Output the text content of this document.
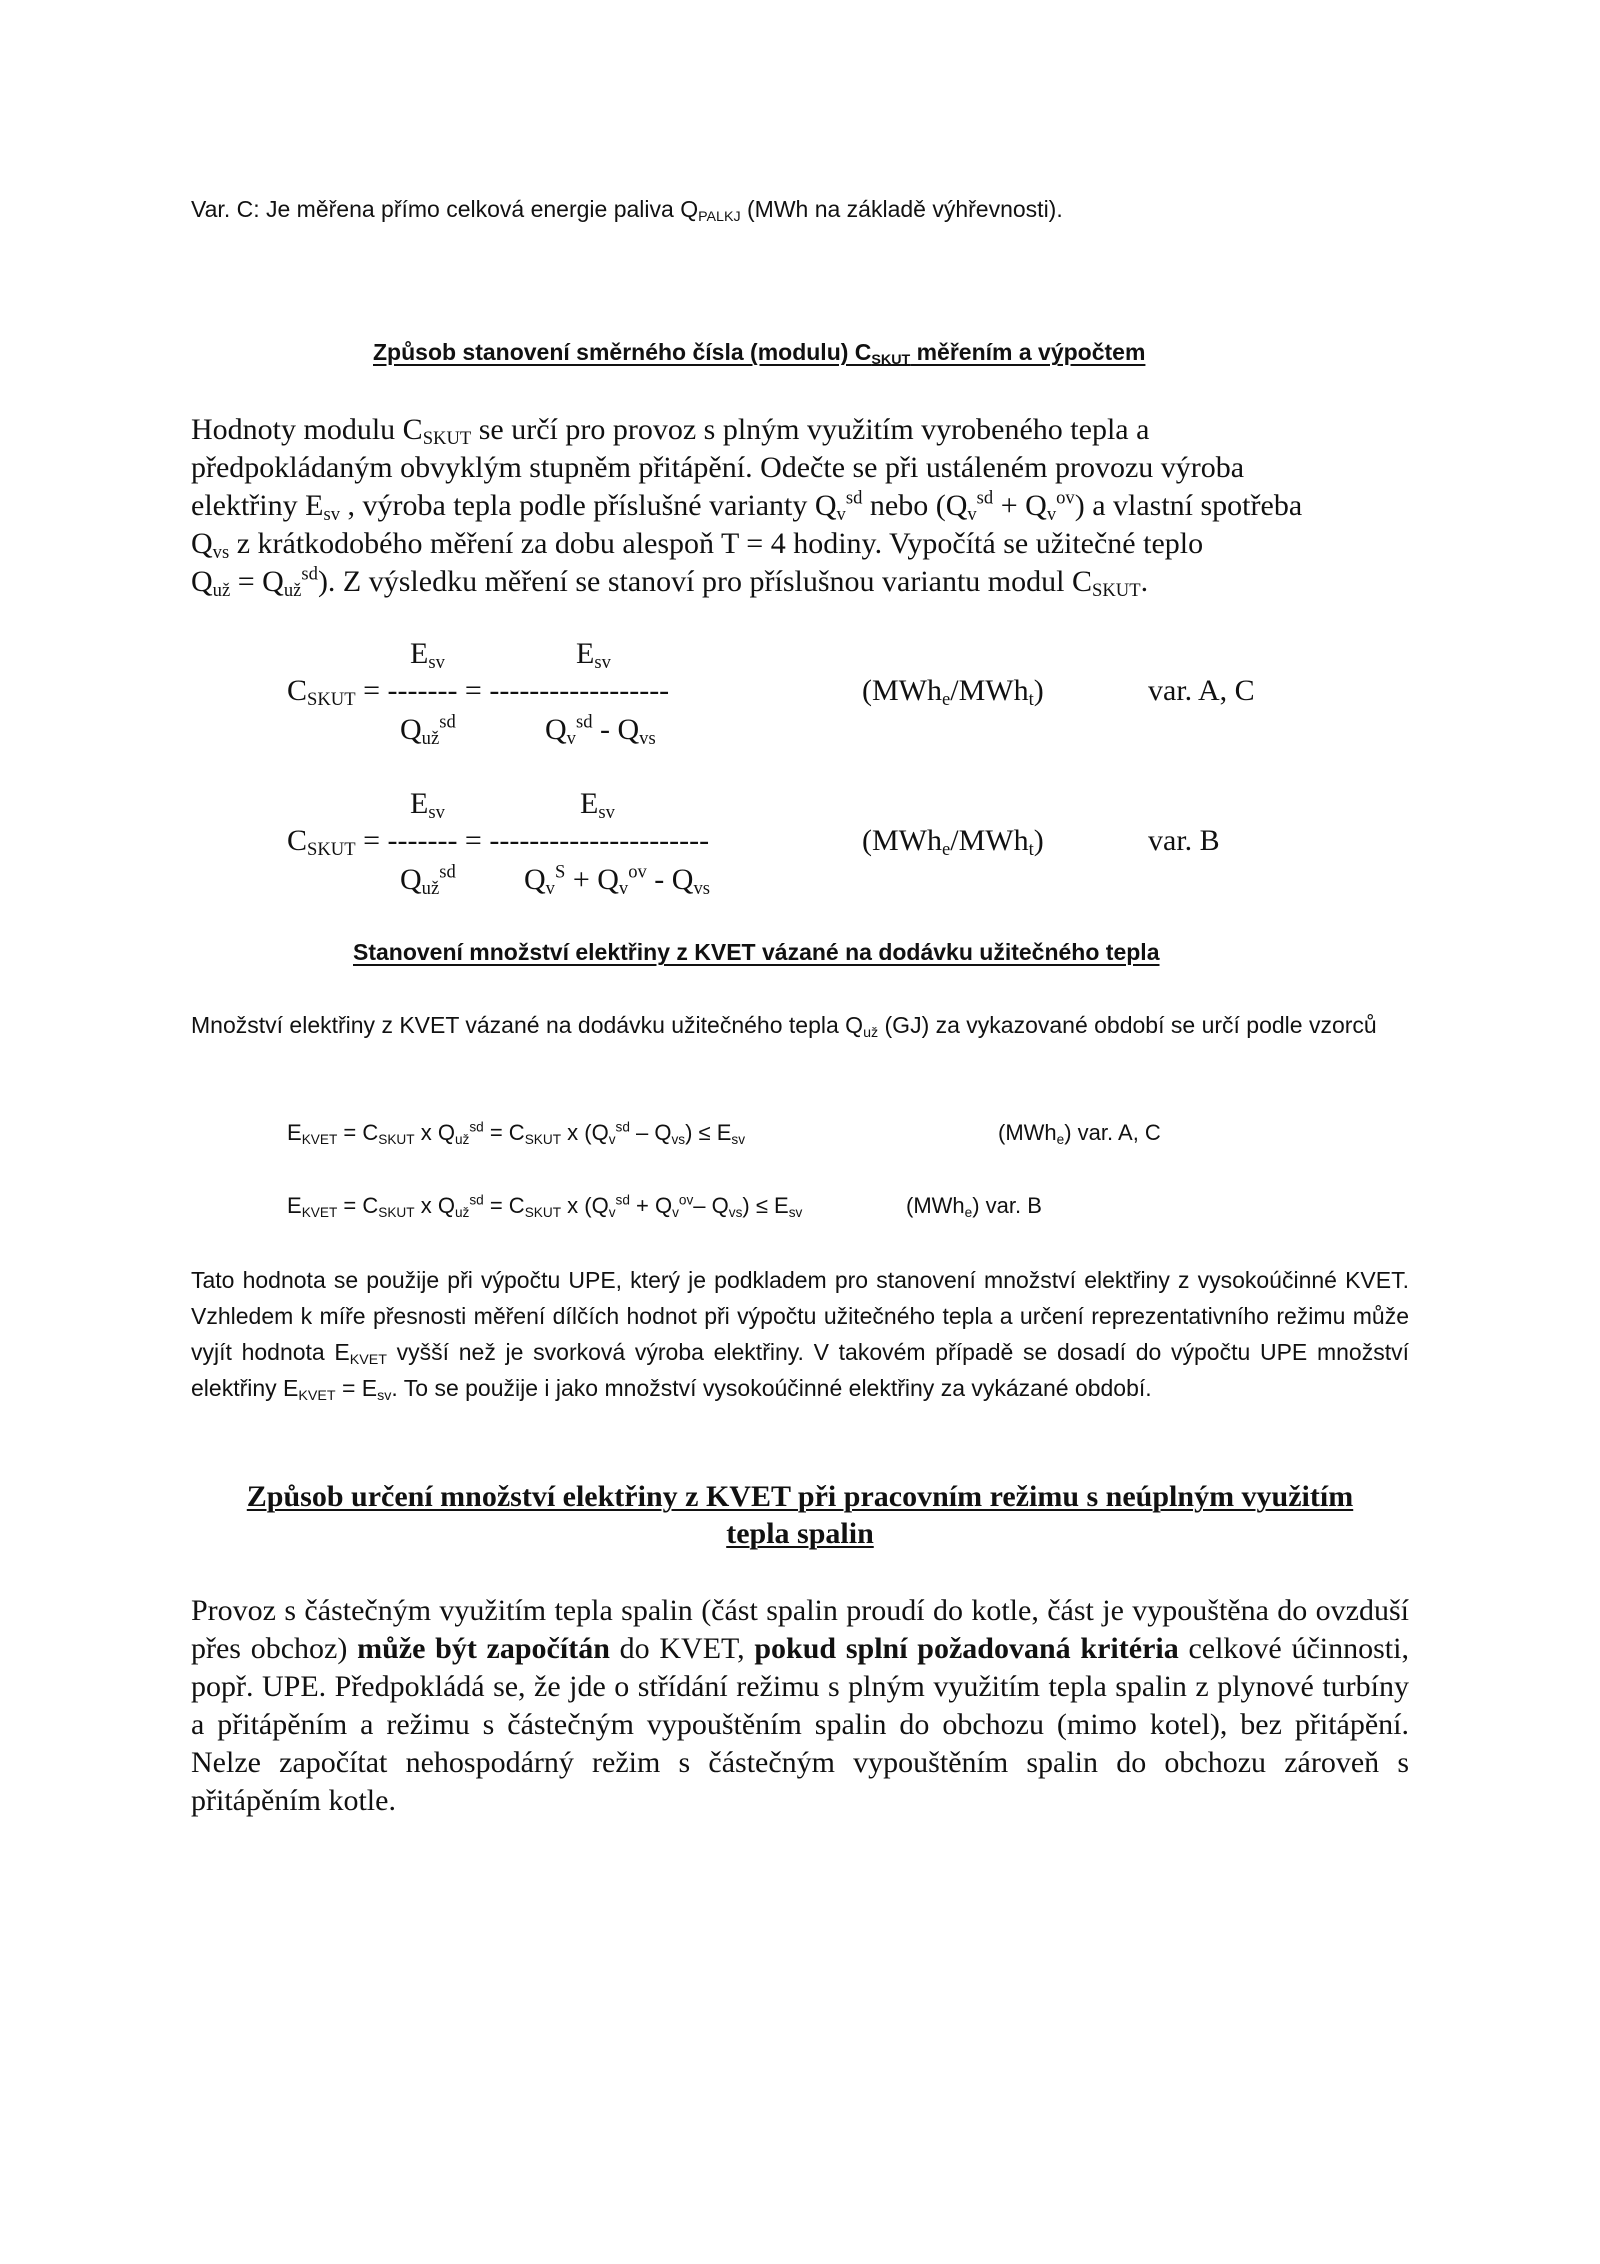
Var. C: Je měřena přímo celková energie paliva $Q_{PALKJ}$ (MWh na základě výhřevnosti).
Způsob stanovení směrného čísla (modulu) $C_{SKUT}$ měřením a výpočtem
Hodnoty modulu $C_{SKUT}$ se určí pro provoz s plným využitím vyrobeného tepla a
předpokládaným obvyklým stupněm přitápění. Odečte se při ustáleném provozu výroba
elektřiny $E_{sv}$ , výroba tepla podle příslušné varianty $Q_v^{sd}$ nebo $(Q_v^{sd} + Q_v^{ov})$ a vlastní spotřeba
$Q_{vs}$ z krátkodobého měření za dobu alespoň T = 4 hodiny. Vypočítá se užitečné teplo
$Q_{už} = Q_{už}^{sd}$). Z výsledku měření se stanoví pro příslušnou variantu modul $C_{SKUT}$.
$E_{sv}$	$E_{sv}$
$C_{SKUT}$ = ------- = ------------------	(MWh$_e$/MWh$_t$)	var. A, C
$Q_{už}^{sd}$	$Q_v^{sd} - Q_{vs}$
$E_{sv}$	$E_{sv}$
$C_{SKUT}$ = ------- = ----------------------	(MWh$_e$/MWh$_t$)	var. B
$Q_{už}^{sd}$ $Q_v^S + Q_v^{ov} - Q_{vs}$
Stanovení množství elektřiny z KVET vázané na dodávku užitečného tepla
Množství elektřiny z KVET vázané na dodávku užitečného tepla $Q_{už}$ (GJ) za vykazované období se určí podle vzorců
$E_{KVET} = C_{SKUT}$ x $Q_{už}^{sd} = C_{SKUT}$ x $(Q_v^{sd} - Q_{vs}) \le E_{sv}$	(MWh$_e$) var. A, C
$E_{KVET} = C_{SKUT}$ x $Q_{už}^{sd} = C_{SKUT}$ x ($Q_v^{sd} + Q_v^{ov}-$ $Q_{vs}) \le E_{sv}$	(MWh$_e$) var. B
Tato hodnota se použije při výpočtu UPE, který je podkladem pro stanovení množství elektřiny z vysokoúčinné KVET. Vzhledem k míře přesnosti měření dílčích hodnot při výpočtu užitečného tepla a určení reprezentativního režimu může vyjít hodnota $E_{KVET}$ vyšší než je svorková výroba elektřiny. V takovém případě se dosadí do výpočtu UPE množství elektřiny $E_{KVET} = E_{sv}$. To se použije i jako množství vysokoúčinné elektřiny za vykázané období.
Způsob určení množství elektřiny z KVET při pracovním režimu s neúplným využitím
tepla spalin
Provoz s částečným využitím tepla spalin (část spalin proudí do kotle, část je vypouštěna do ovzduší přes obchoz) může být započítán do KVET, pokud splní požadovaná kritéria celkové účinnosti, popř. UPE. Předpokládá se, že jde o střídání režimu s plným využitím tepla spalin z plynové turbíny a přitápěním a režimu s částečným vypouštěním spalin do obchozu (mimo kotel), bez přitápění. Nelze započítat nehospodárný režim s částečným vypouštěním spalin do obchozu zároveň s přitápěním kotle.
